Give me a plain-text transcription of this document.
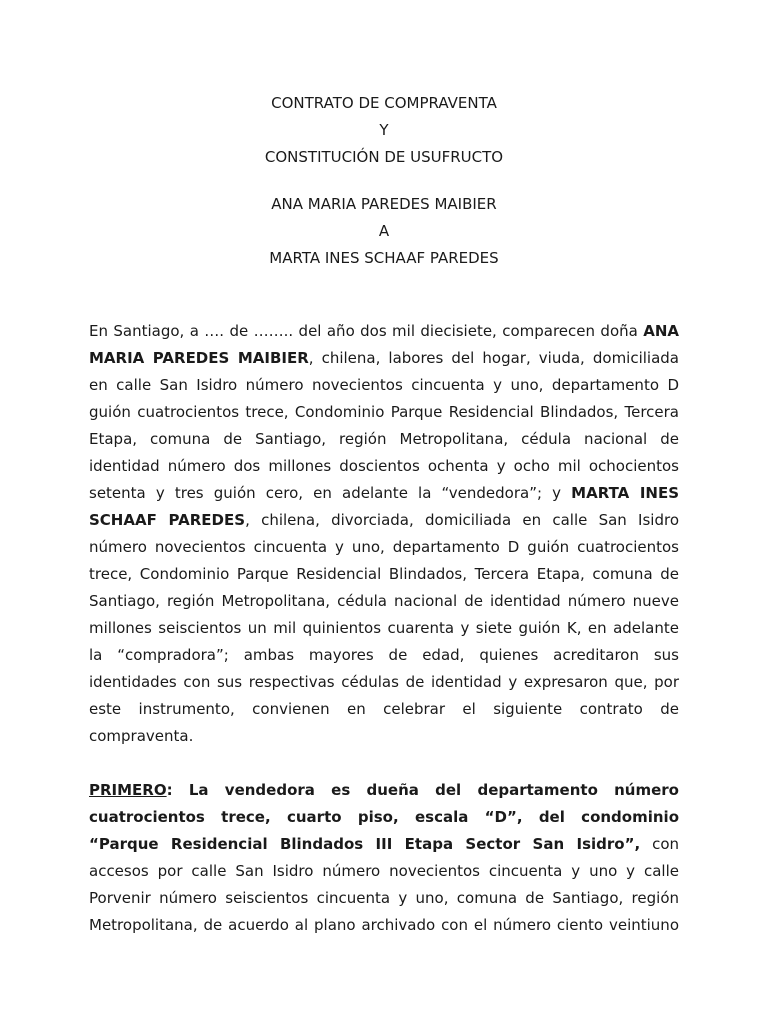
CONTRATO DE COMPRAVENTA
Y
CONSTITUCIÓN DE USUFRUCTO
ANA MARIA PAREDES MAIBIER
A
MARTA INES SCHAAF PAREDES

En Santiago, a …. de …….. del año dos mil diecisiete, comparecen doña ANA
MARIA PAREDES MAIBIER, chilena, labores del hogar, viuda, domiciliada
en calle San Isidro número novecientos cincuenta y uno, departamento D
guión cuatrocientos trece, Condominio Parque Residencial Blindados, Tercera
Etapa, comuna de Santiago, región Metropolitana, cédula nacional de
identidad número dos millones doscientos ochenta y ocho mil ochocientos
setenta y tres guión cero, en adelante la “vendedora”; y MARTA INES
SCHAAF PAREDES, chilena, divorciada, domiciliada en calle San Isidro
número novecientos cincuenta y uno, departamento D guión cuatrocientos
trece, Condominio Parque Residencial Blindados, Tercera Etapa, comuna de
Santiago, región Metropolitana, cédula nacional de identidad número nueve
millones seiscientos un mil quinientos cuarenta y siete guión K, en adelante
la “compradora”; ambas mayores de edad, quienes acreditaron sus
identidades con sus respectivas cédulas de identidad y expresaron que, por
este instrumento, convienen en celebrar el siguiente contrato de
compraventa.

PRIMERO: La vendedora es dueña del departamento número
cuatrocientos trece, cuarto piso, escala “D”, del condominio
“Parque Residencial Blindados III Etapa Sector San Isidro”, con
accesos por calle San Isidro número novecientos cincuenta y uno y calle
Porvenir número seiscientos cincuenta y uno, comuna de Santiago, región
Metropolitana, de acuerdo al plano archivado con el número ciento veintiuno
